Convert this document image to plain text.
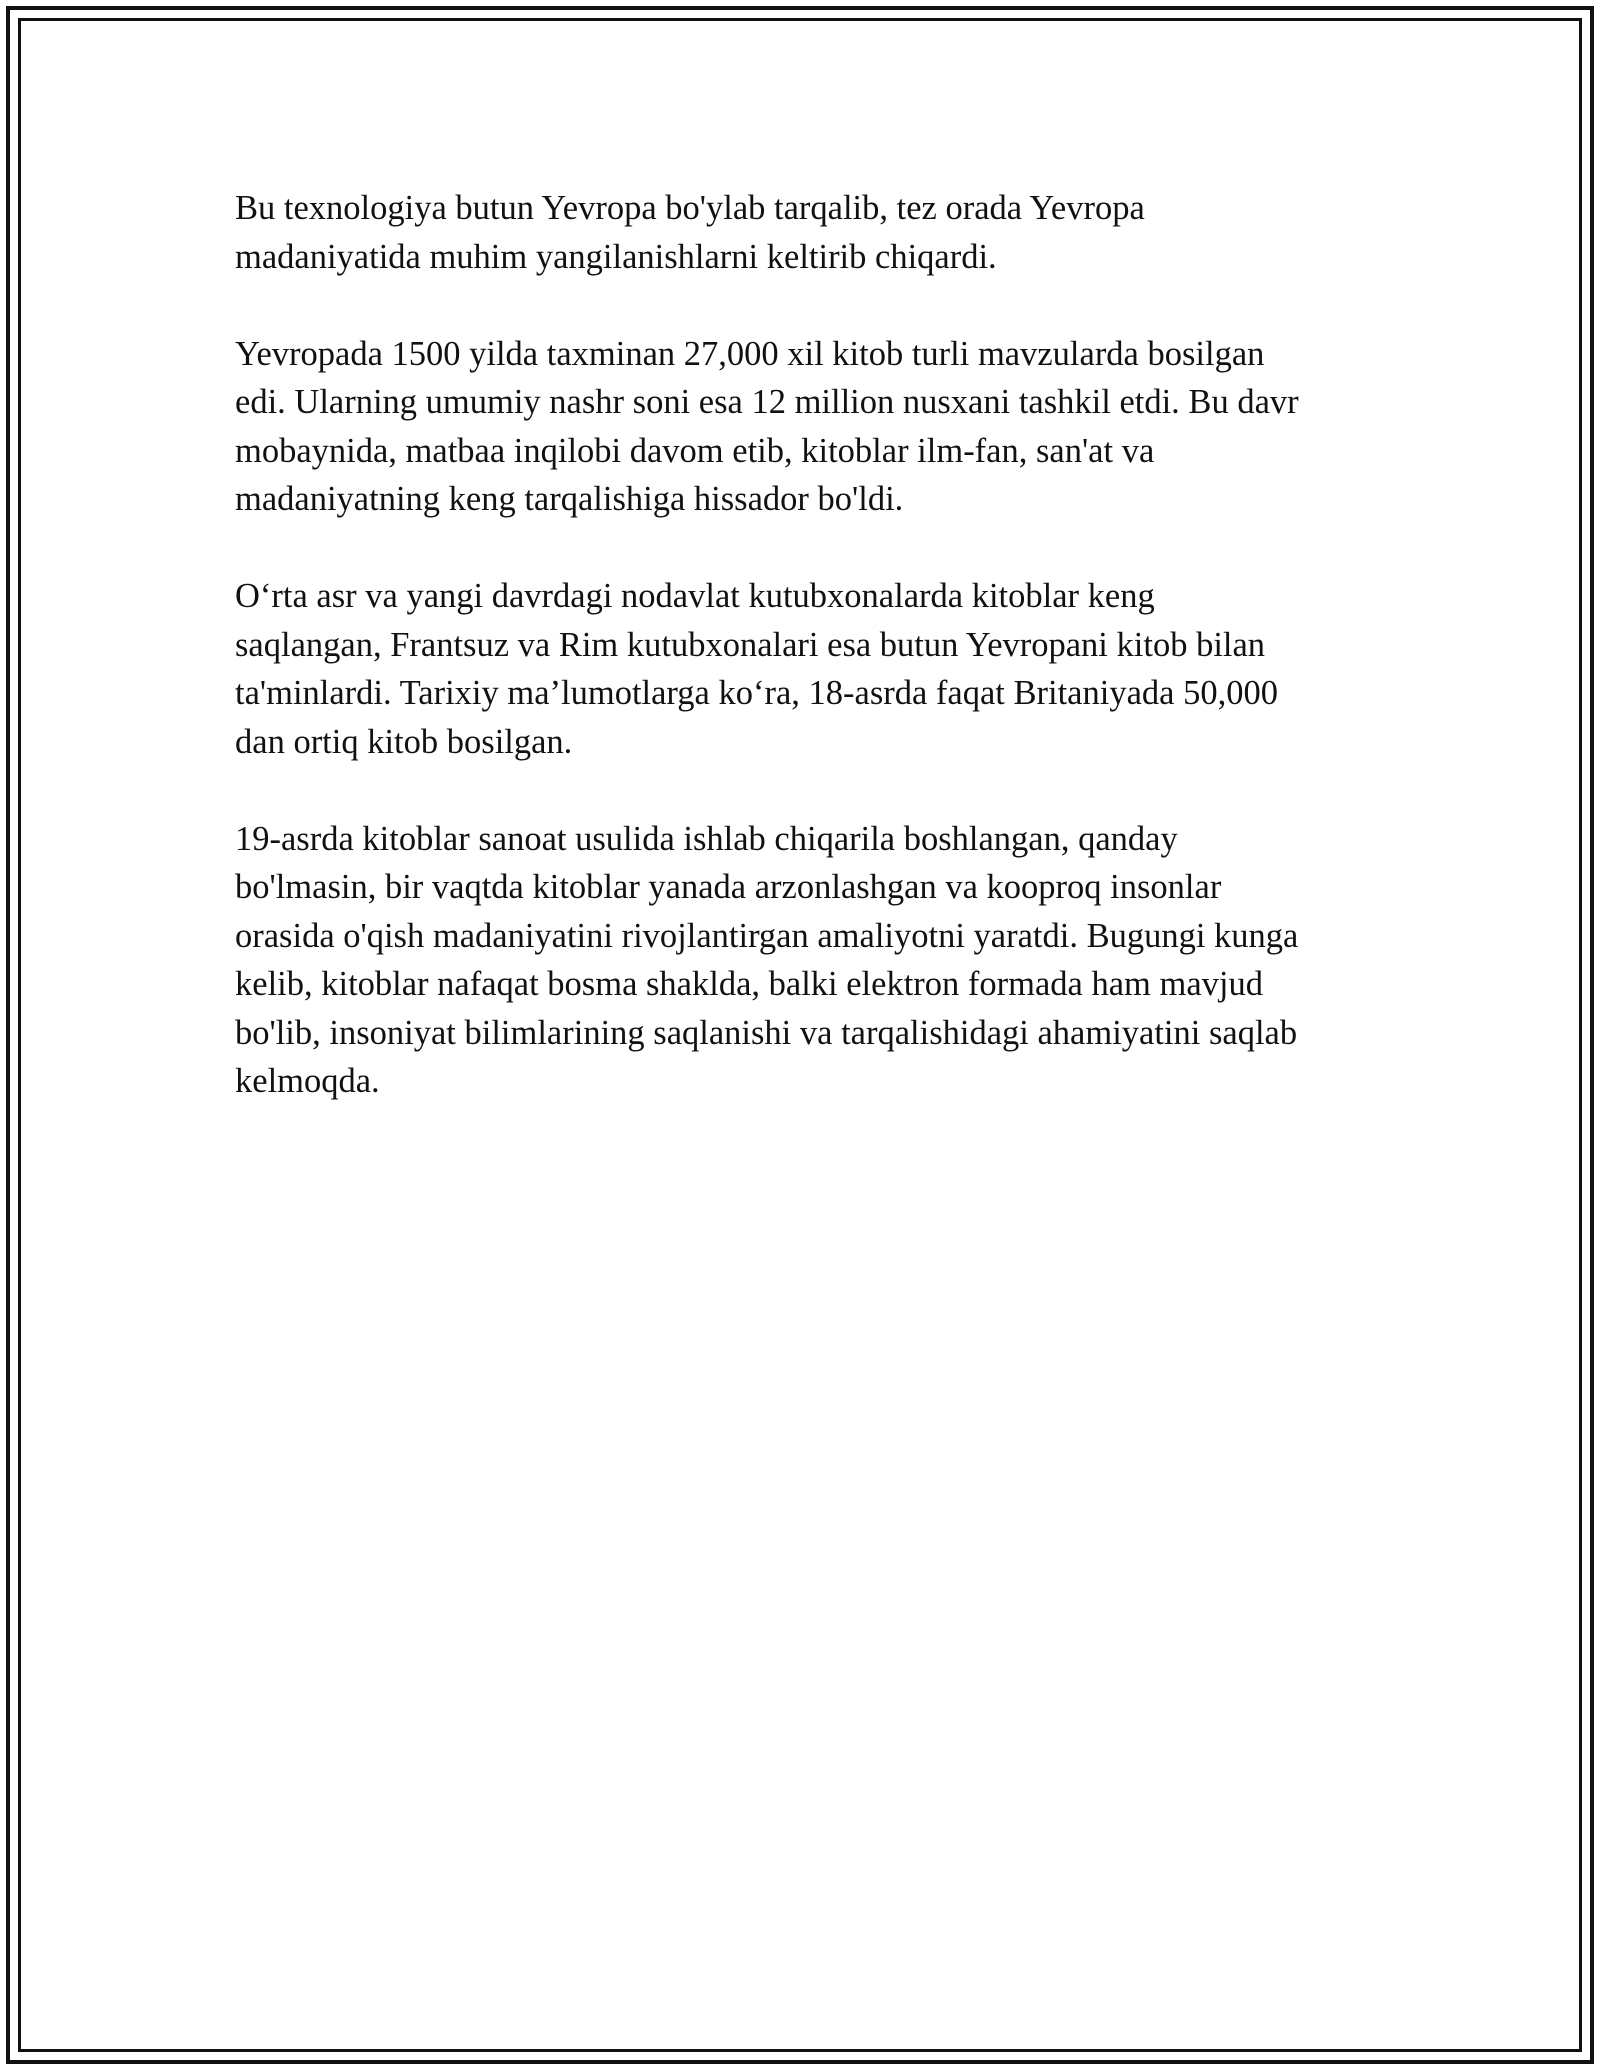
Bu texnologiya butun Yevropa bo'ylab tarqalib, tez orada Yevropa
madaniyatida muhim yangilanishlarni keltirib chiqardi.

Yevropada 1500 yilda taxminan 27,000 xil kitob turli mavzularda bosilgan
edi. Ularning umumiy nashr soni esa 12 million nusxani tashkil etdi. Bu davr
mobaynida, matbaa inqilobi davom etib, kitoblar ilm-fan, san'at va
madaniyatning keng tarqalishiga hissador bo'ldi.

O‘rta asr va yangi davrdagi nodavlat kutubxonalarda kitoblar keng
saqlangan, Frantsuz va Rim kutubxonalari esa butun Yevropani kitob bilan
ta'minlardi. Tarixiy ma’lumotlarga ko‘ra, 18-asrda faqat Britaniyada 50,000
dan ortiq kitob bosilgan.

19-asrda kitoblar sanoat usulida ishlab chiqarila boshlangan, qanday
bo'lmasin, bir vaqtda kitoblar yanada arzonlashgan va kooproq insonlar
orasida o'qish madaniyatini rivojlantirgan amaliyotni yaratdi. Bugungi kunga
kelib, kitoblar nafaqat bosma shaklda, balki elektron formada ham mavjud
bo'lib, insoniyat bilimlarining saqlanishi va tarqalishidagi ahamiyatini saqlab
kelmoqda.
